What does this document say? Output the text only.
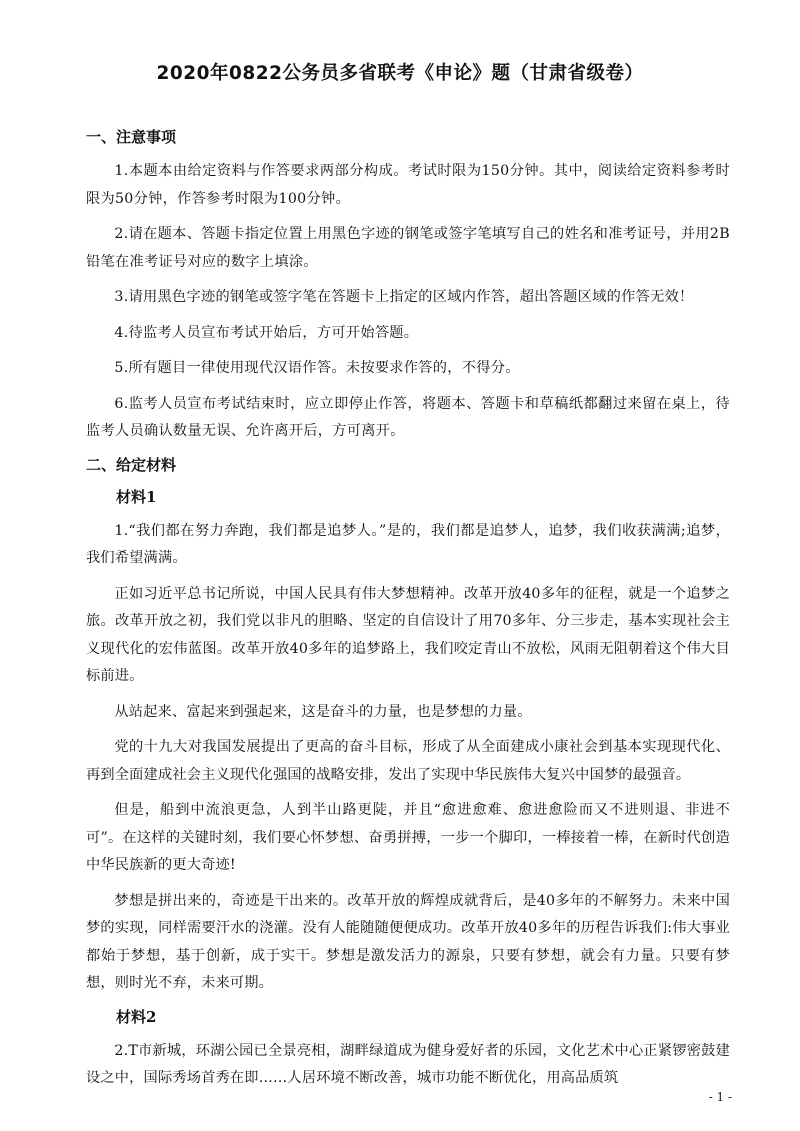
2020年0822公务员多省联考《申论》题（甘肃省级卷）
一、注意事项

1.本题本由给定资料与作答要求两部分构成。考试时限为150分钟。其中，阅读给定资料参考时限为50分钟，作答参考时限为100分钟。

2.请在题本、答题卡指定位置上用黑色字迹的钢笔或签字笔填写自己的姓名和准考证号，并用2B铅笔在准考证号对应的数字上填涂。

3.请用黑色字迹的钢笔或签字笔在答题卡上指定的区域内作答，超出答题区域的作答无效！

4.待监考人员宣布考试开始后，方可开始答题。

5.所有题目一律使用现代汉语作答。未按要求作答的，不得分。

6.监考人员宣布考试结束时，应立即停止作答，将题本、答题卡和草稿纸都翻过来留在桌上，待监考人员确认数量无误、允许离开后，方可离开。

二、给定材料
材料1

1.“我们都在努力奔跑，我们都是追梦人。”是的，我们都是追梦人，追梦，我们收获满满;追梦，我们希望满满。

正如习近平总书记所说，中国人民具有伟大梦想精神。改革开放40多年的征程，就是一个追梦之旅。改革开放之初，我们党以非凡的胆略、坚定的自信设计了用70多年、分三步走，基本实现社会主义现代化的宏伟蓝图。改革开放40多年的追梦路上，我们咬定青山不放松，风雨无阻朝着这个伟大目标前进。

从站起来、富起来到强起来，这是奋斗的力量，也是梦想的力量。

党的十九大对我国发展提出了更高的奋斗目标，形成了从全面建成小康社会到基本实现现代化、再到全面建成社会主义现代化强国的战略安排，发出了实现中华民族伟大复兴中国梦的最强音。

但是，船到中流浪更急，人到半山路更陡，并且“愈进愈难、愈进愈险而又不进则退、非进不可”。在这样的关键时刻，我们要心怀梦想、奋勇拼搏，一步一个脚印，一棒接着一棒，在新时代创造中华民族新的更大奇迹!

梦想是拼出来的，奇迹是干出来的。改革开放的辉煌成就背后，是40多年的不解努力。未来中国 梦的实现，同样需要汗水的浇灌。没有人能随随便便成功。改革开放40多年的历程告诉我们:伟大事业都始于梦想，基于创新，成于实干。梦想是激发活力的源泉，只要有梦想，就会有力量。只要有梦想，则时光不弃，未来可期。

材料2

2.T市新城，环湖公园已全景亮相，湖畔绿道成为健身爱好者的乐园，文化艺术中心正紧锣密鼓建设之中，国际秀场首秀在即……人居环境不断改善，城市功能不断优化，用高品质筑

- 1 -
